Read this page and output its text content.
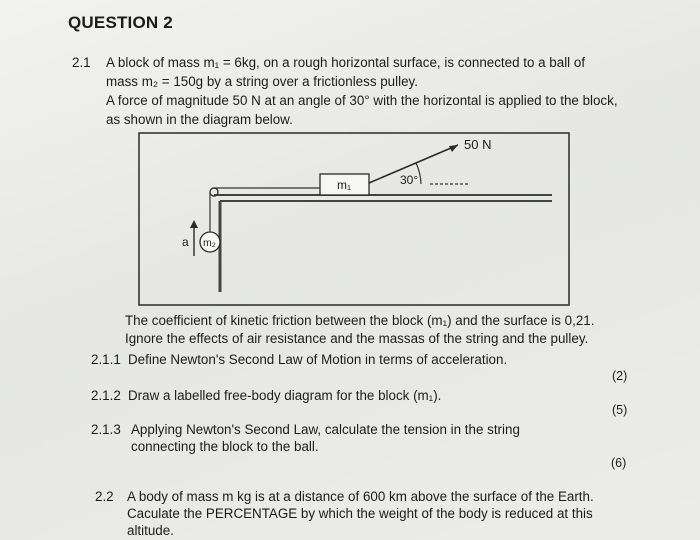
QUESTION 2
2.1 A block of mass m₁ = 6kg, on a rough horizontal surface, is connected to a ball of
mass m₂ = 150g by a string over a frictionless pulley.
A force of magnitude 50 N at an angle of 30° with the horizontal is applied to the block,
as shown in the diagram below.
50 N
30°
m₁
m₂
a
The coefficient of kinetic friction between the block (m₁) and the surface is 0,21.
Ignore the effects of air resistance and the massas of the string and the pulley.
2.1.1 Define Newton's Second Law of Motion in terms of acceleration.
(2)
2.1.2 Draw a labelled free-body diagram for the block (m₁).
(5)
2.1.3 Applying Newton's Second Law, calculate the tension in the string
connecting the block to the ball.
(6)
2.2 A body of mass m kg is at a distance of 600 km above the surface of the Earth.
Caculate the PERCENTAGE by which the weight of the body is reduced at this
altitude.
